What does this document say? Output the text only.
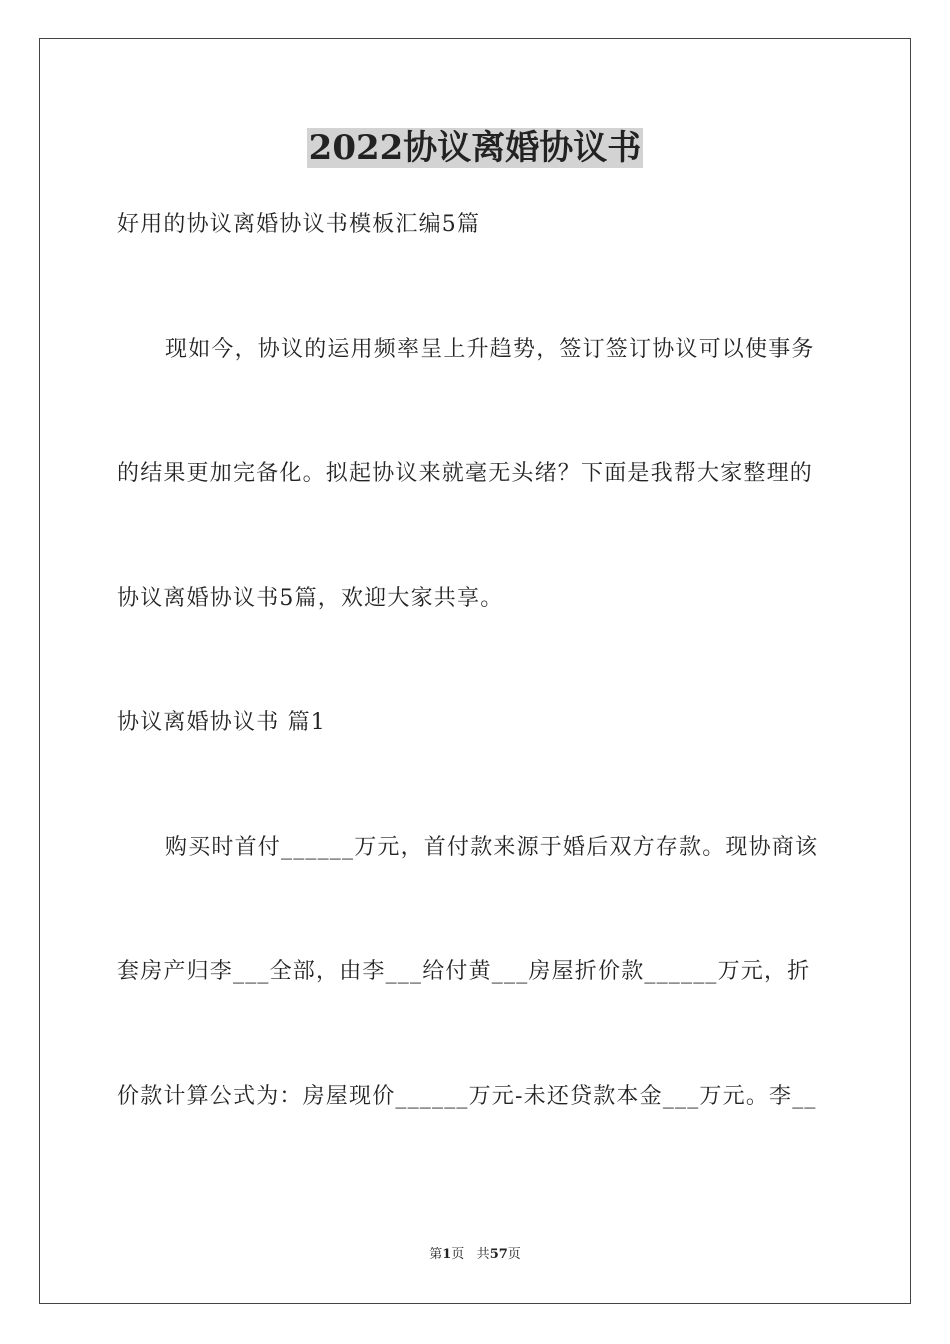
2022协议离婚协议书
好用的协议离婚协议书模板汇编5篇
现如今，协议的运用频率呈上升趋势，签订签订协议可以使事务
的结果更加完备化。拟起协议来就毫无头绪？下面是我帮大家整理的
协议离婚协议书5篇，欢迎大家共享。
协议离婚协议书 篇1
购买时首付______万元，首付款来源于婚后双方存款。现协商该
套房产归李___全部，由李___给付黄___房屋折价款______万元，折
价款计算公式为：房屋现价______万元-未还贷款本金___万元。李__
第1页 共57页
